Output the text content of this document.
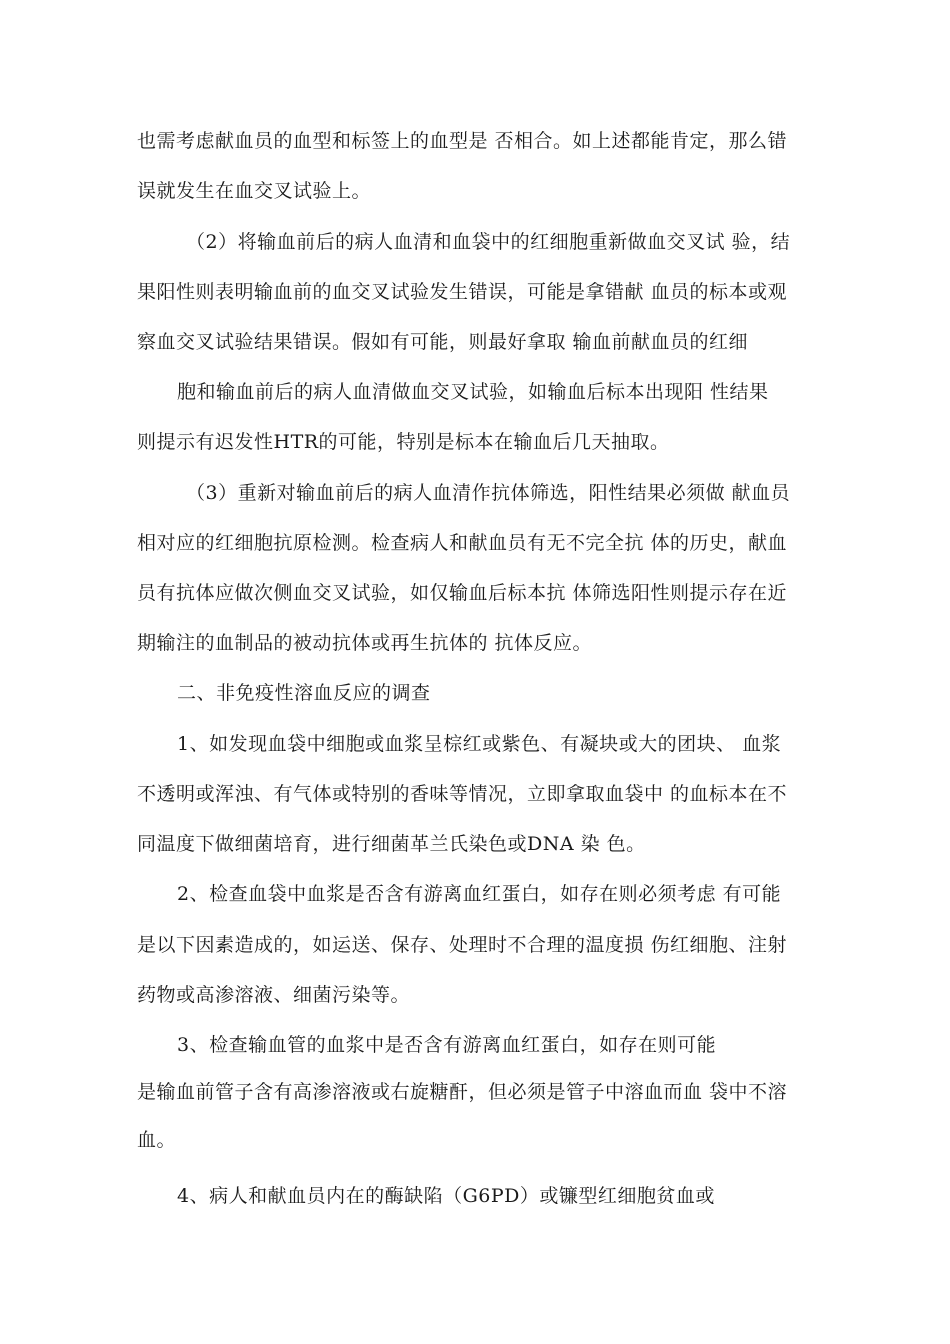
也需考虑献血员的血型和标签上的血型是 否相合。如上述都能肯定，那么错
误就发生在血交叉试验上。
（2）将输血前后的病人血清和血袋中的红细胞重新做血交叉试 验，结
果阳性则表明输血前的血交叉试验发生错误，可能是拿错献 血员的标本或观
察血交叉试验结果错误。假如有可能，则最好拿取 输血前献血员的红细
胞和输血前后的病人血清做血交叉试验，如输血后标本出现阳 性结果
则提示有迟发性HTR的可能，特别是标本在输血后几天抽取。
（3）重新对输血前后的病人血清作抗体筛选，阳性结果必须做 献血员
相对应的红细胞抗原检测。检查病人和献血员有无不完全抗 体的历史，献血
员有抗体应做次侧血交叉试验，如仅输血后标本抗 体筛选阳性则提示存在近
期输注的血制品的被动抗体或再生抗体的 抗体反应。
二、非免疫性溶血反应的调查
1、如发现血袋中细胞或血浆呈棕红或紫色、有凝块或大的团块、 血浆
不透明或浑浊、有气体或特别的香味等情况，立即拿取血袋中 的血标本在不
同温度下做细菌培育，进行细菌革兰氏染色或DNA 染 色。
2、检查血袋中血浆是否含有游离血红蛋白，如存在则必须考虑 有可能
是以下因素造成的，如运送、保存、处理时不合理的温度损 伤红细胞、注射
药物或高渗溶液、细菌污染等。
3、检查输血管的血浆中是否含有游离血红蛋白，如存在则可能
是输血前管子含有高渗溶液或右旋糖酐，但必须是管子中溶血而血 袋中不溶
血。
4、病人和献血员内在的酶缺陷（G6PD）或镰型红细胞贫血或
